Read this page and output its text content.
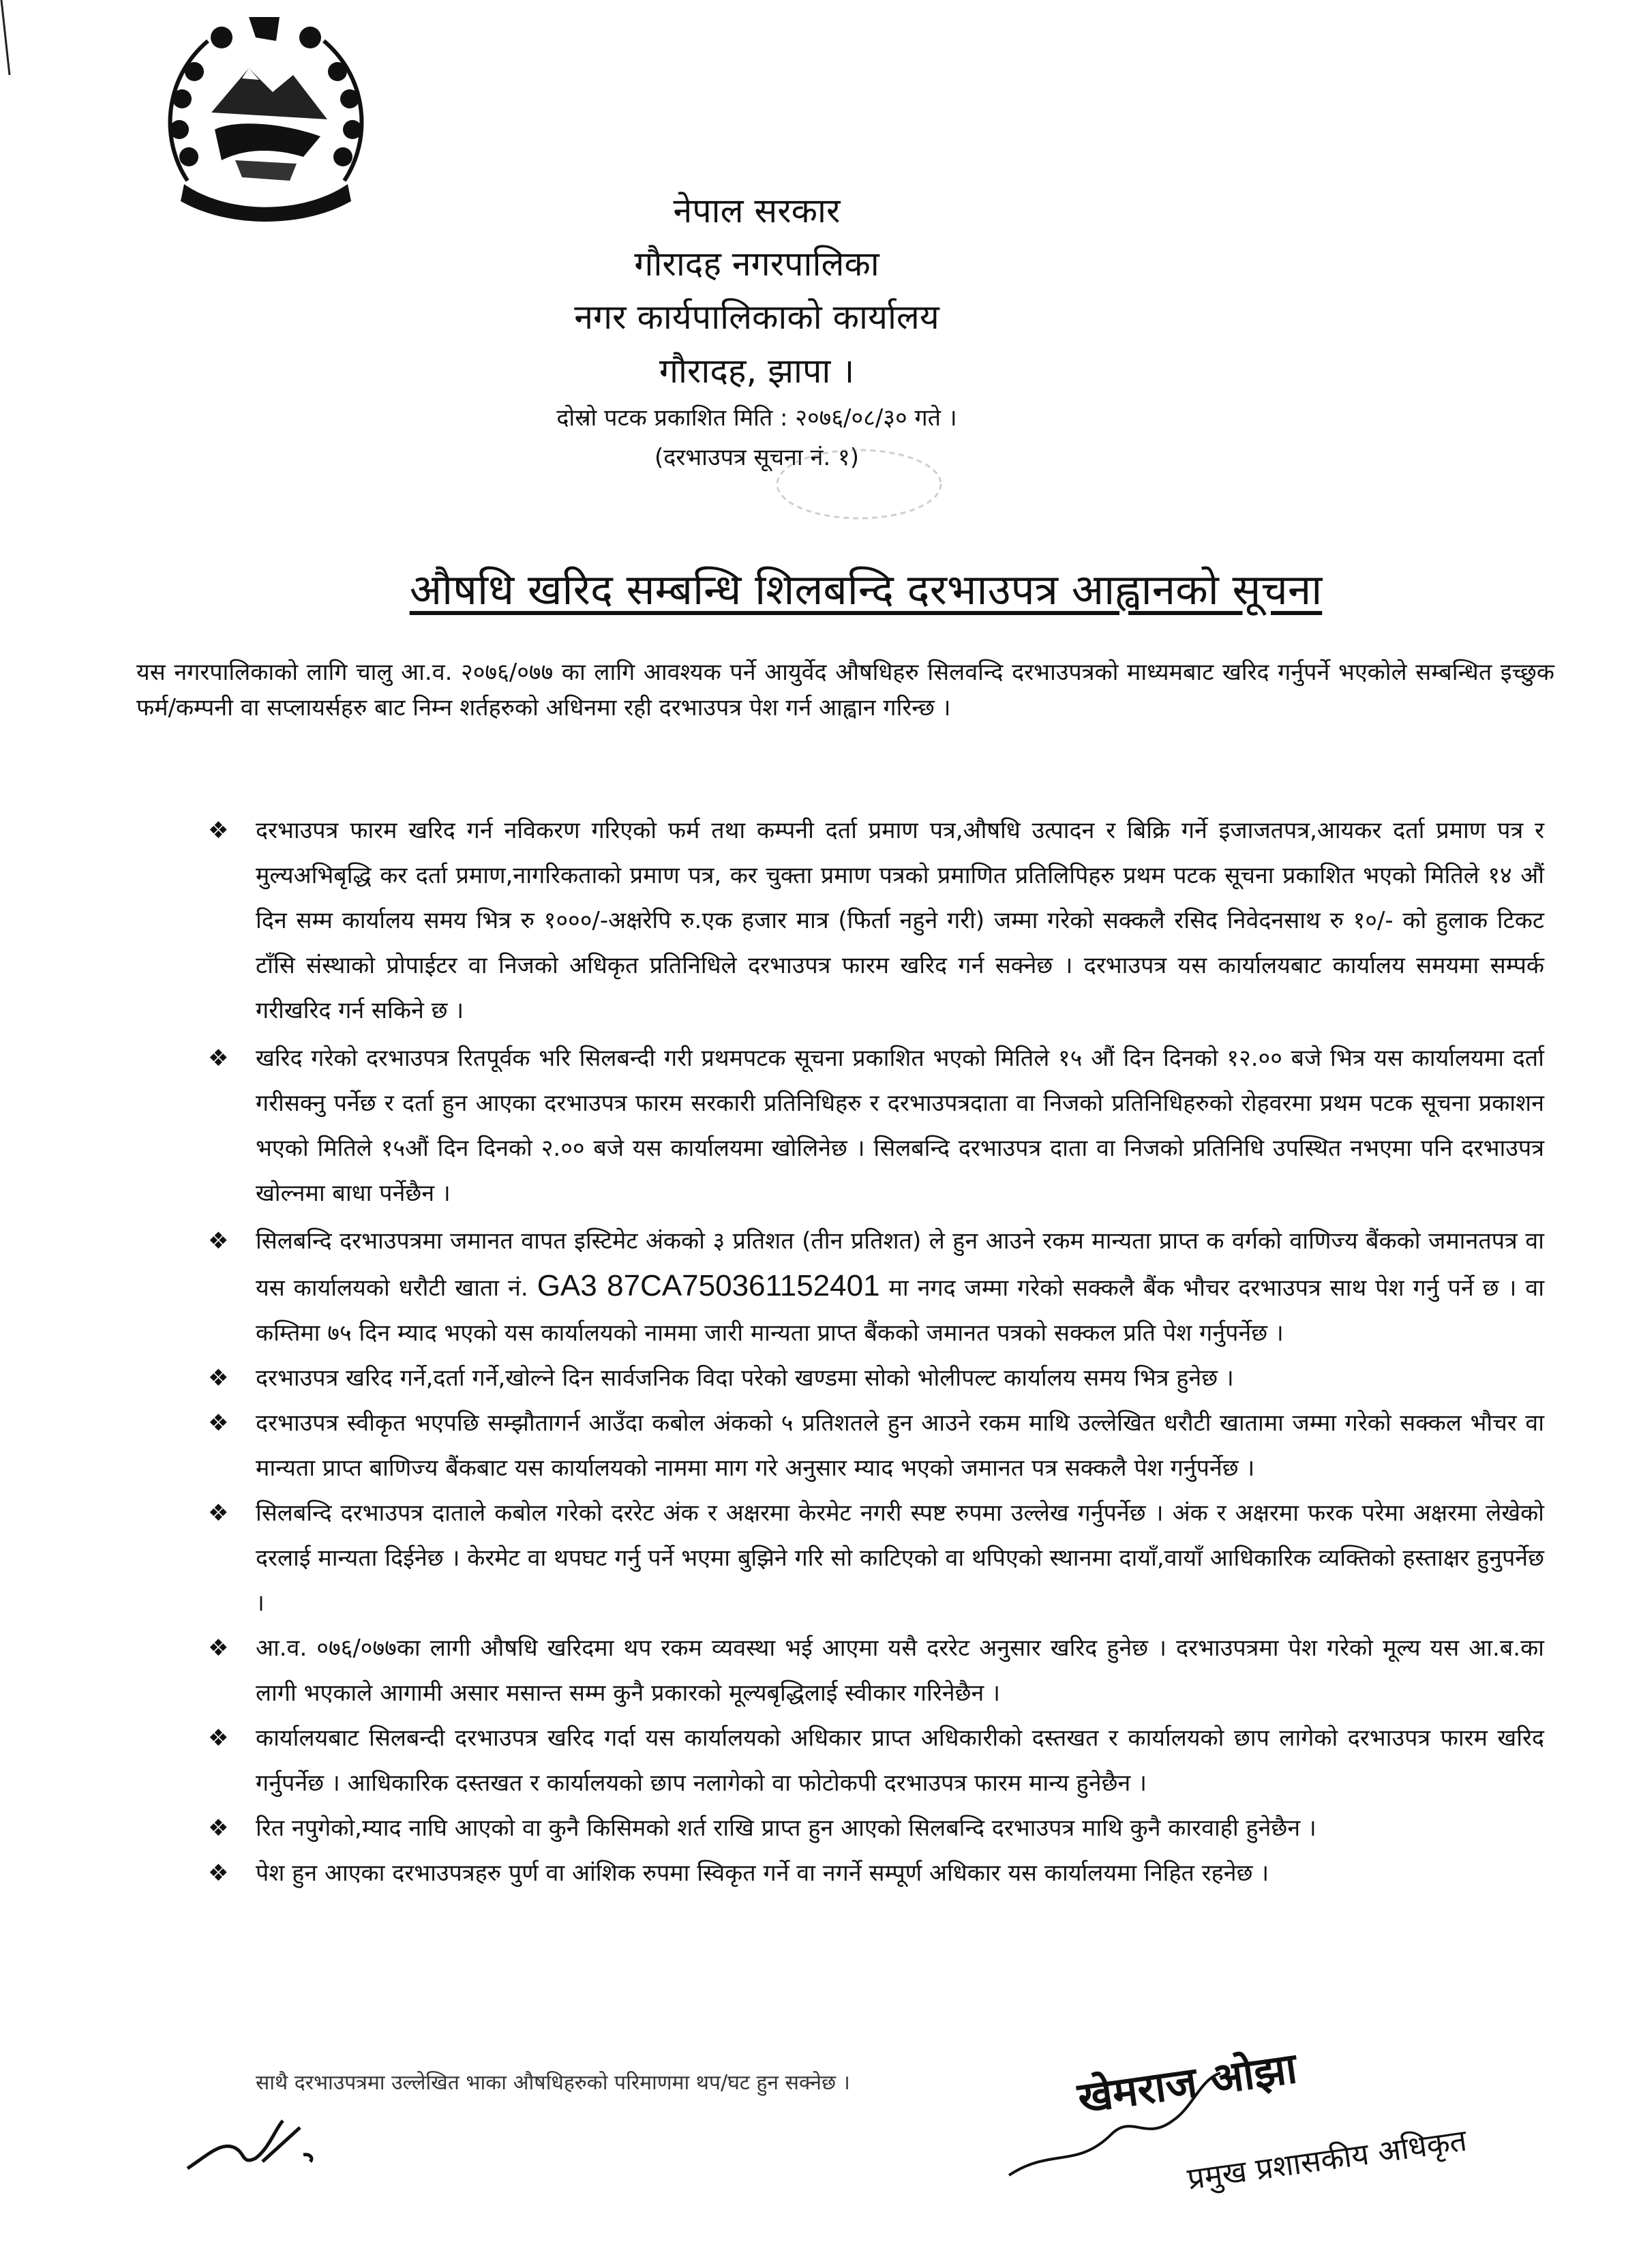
नेपाल सरकार
गौरादह नगरपालिका
नगर कार्यपालिकाको कार्यालय
गौरादह, झापा ।
दोस्रो पटक प्रकाशित मिति : २०७६/०८/३० गते ।
(दरभाउपत्र सूचना नं. १)
औषधि खरिद सम्बन्धि शिलबन्दि दरभाउपत्र आह्वानको सूचना
यस नगरपालिकाको लागि चालु आ.व. २०७६/०७७ का लागि आवश्यक पर्ने आयुर्वेद औषधिहरु सिलवन्दि दरभाउपत्रको माध्यमबाट खरिद गर्नुपर्ने भएकोले सम्बन्धित इच्छुक फर्म/कम्पनी वा सप्लायर्सहरु बाट निम्न शर्तहरुको अधिनमा रही दरभाउपत्र पेश गर्न आह्वान गरिन्छ ।
❖ दरभाउपत्र फारम खरिद गर्न नविकरण गरिएको फर्म तथा कम्पनी दर्ता प्रमाण पत्र,औषधि उत्पादन र बिक्रि गर्ने इजाजतपत्र,आयकर दर्ता प्रमाण पत्र र मुल्यअभिबृद्धि कर दर्ता प्रमाण,नागरिकताको प्रमाण पत्र, कर चुक्ता प्रमाण पत्रको प्रमाणित प्रतिलिपिहरु प्रथम पटक सूचना प्रकाशित भएको मितिले १४ औं दिन सम्म कार्यालय समय भित्र रु १०००/-अक्षरेपि रु.एक हजार मात्र (फिर्ता नहुने गरी) जम्मा गरेको सक्कलै रसिद निवेदनसाथ रु १०/- को हुलाक टिकट टाँसि संस्थाको प्रोपाईटर वा निजको अधिकृत प्रतिनिधिले दरभाउपत्र फारम खरिद गर्न सक्नेछ । दरभाउपत्र यस कार्यालयबाट कार्यालय समयमा सम्पर्क गरीखरिद गर्न सकिने छ ।
❖ खरिद गरेको दरभाउपत्र रितपूर्वक भरि सिलबन्दी गरी प्रथमपटक सूचना प्रकाशित भएको मितिले १५ औं दिन दिनको १२.०० बजे भित्र यस कार्यालयमा दर्ता गरीसक्नु पर्नेछ र दर्ता हुन आएका दरभाउपत्र फारम सरकारी प्रतिनिधिहरु र दरभाउपत्रदाता वा निजको प्रतिनिधिहरुको रोहवरमा प्रथम पटक सूचना प्रकाशन भएको मितिले १५औं दिन दिनको २.०० बजे यस कार्यालयमा खोलिनेछ । सिलबन्दि दरभाउपत्र दाता वा निजको प्रतिनिधि उपस्थित नभएमा पनि दरभाउपत्र खोल्नमा बाधा पर्नेछैन ।
❖ सिलबन्दि दरभाउपत्रमा जमानत वापत इस्टिमेट अंकको ३ प्रतिशत (तीन प्रतिशत) ले हुन आउने रकम मान्यता प्राप्त क वर्गको वाणिज्य बैंकको जमानतपत्र वा यस कार्यालयको धरौटी खाता नं. GA3 87CA750361152401 मा नगद जम्मा गरेको सक्कलै बैंक भौचर दरभाउपत्र साथ पेश गर्नु पर्ने छ । वा कम्तिमा ७५ दिन म्याद भएको यस कार्यालयको नाममा जारी मान्यता प्राप्त बैंकको जमानत पत्रको सक्कल प्रति पेश गर्नुपर्नेछ ।
❖ दरभाउपत्र खरिद गर्ने,दर्ता गर्ने,खोल्ने दिन सार्वजनिक विदा परेको खण्डमा सोको भोलीपल्ट कार्यालय समय भित्र हुनेछ ।
❖ दरभाउपत्र स्वीकृत भएपछि सम्झौतागर्न आउँदा कबोल अंकको ५ प्रतिशतले हुन आउने रकम माथि उल्लेखित धरौटी खातामा जम्मा गरेको सक्कल भौचर वा मान्यता प्राप्त बाणिज्य बैंकबाट यस कार्यालयको नाममा माग गरे अनुसार म्याद भएको जमानत पत्र सक्कलै पेश गर्नुपर्नेछ ।
❖ सिलबन्दि दरभाउपत्र दाताले कबोल गरेको दररेट अंक र अक्षरमा केरमेट नगरी स्पष्ट रुपमा उल्लेख गर्नुपर्नेछ । अंक र अक्षरमा फरक परेमा अक्षरमा लेखेको दरलाई मान्यता दिईनेछ । केरमेट वा थपघट गर्नु पर्ने भएमा बुझिने गरि सो काटिएको वा थपिएको स्थानमा दायाँ,वायाँ आधिकारिक व्यक्तिको हस्ताक्षर हुनुपर्नेछ ।
❖ आ.व. ०७६/०७७का लागी औषधि खरिदमा थप रकम व्यवस्था भई आएमा यसै दररेट अनुसार खरिद हुनेछ । दरभाउपत्रमा पेश गरेको मूल्य यस आ.ब.का लागी भएकाले आगामी असार मसान्त सम्म कुनै प्रकारको मूल्यबृद्धिलाई स्वीकार गरिनेछैन ।
❖ कार्यालयबाट सिलबन्दी दरभाउपत्र खरिद गर्दा यस कार्यालयको अधिकार प्राप्त अधिकारीको दस्तखत र कार्यालयको छाप लागेको दरभाउपत्र फारम खरिद गर्नुपर्नेछ । आधिकारिक दस्तखत र कार्यालयको छाप नलागेको वा फोटोकपी दरभाउपत्र फारम मान्य हुनेछैन ।
❖ रित नपुगेको,म्याद नाघि आएको वा कुनै किसिमको शर्त राखि प्राप्त हुन आएको सिलबन्दि दरभाउपत्र माथि कुनै कारवाही हुनेछैन ।
❖ पेश हुन आएका दरभाउपत्रहरु पुर्ण वा आंशिक रुपमा स्विकृत गर्ने वा नगर्ने सम्पूर्ण अधिकार यस कार्यालयमा निहित रहनेछ ।
साथै दरभाउपत्रमा उल्लेखित भाका औषधिहरुको परिमाणमा थप/घट हुन सक्नेछ ।	खेमराज ओझा
प्रमुख प्रशासकीय अधिकृत
